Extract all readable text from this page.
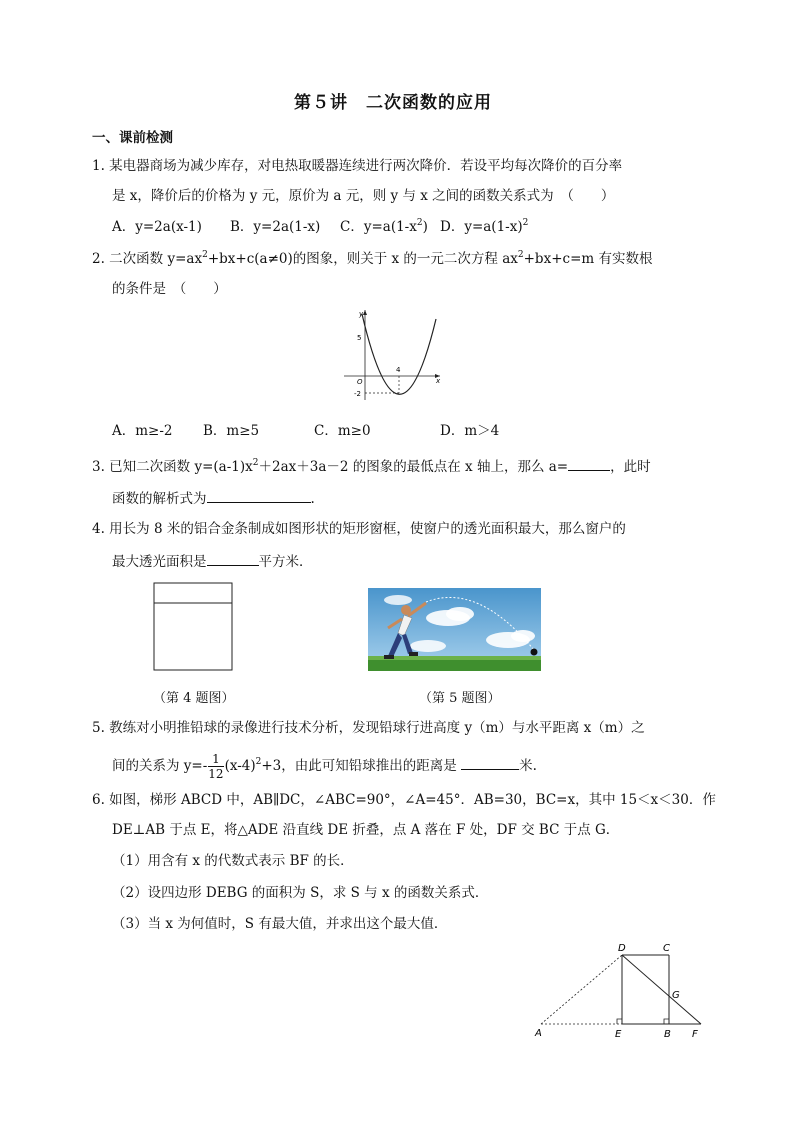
第５讲　二次函数的应用
一、课前检测
1. 某电器商场为减少库存，对电热取暖器连续进行两次降价．若设平均每次降价的百分率
是 x，降价后的价格为 y 元，原价为 a 元，则 y 与 x 之间的函数关系式为　（　　）
A．y=2a(x-1) B．y=2a(1-x) C．$y=a(1-x^2)$ D．$y=a(1-x)^2$
2. 二次函数 $y=ax^2+bx+c(a\ne 0)$的图象，则关于 x 的一元二次方程 $ax^2+bx+c=m$ 有实数根
的条件是　（　　）
y
x
O
5
-2
4
A．m≥-2 B．m≥5	C．m≥0	D．m＞4
3. 已知二次函数 $y=(a-1)x^2+2ax+3a-2$ 的图象的最低点在 x 轴上，那么 a=	，此时
函数的解析式为	.
4. 用长为 8 米的铝合金条制成如图形状的矩形窗框，使窗户的透光面积最大，那么窗户的
最大透光面积是	平方米．
（第 4 题图）	（第 5 题图）
5. 教练对小明推铅球的录像进行技术分析，发现铅球行进高度 y（m）与水平距离 x（m）之
间的关系为 $y=- \frac{1}{12} (x-4)^2+3$，由此可知铅球推出的距离是	米.
6. 如图，梯形 ABCD 中，AB∥DC，∠ABC=90°，∠A=45°．AB=30，BC=x，其中 15＜x＜30．作
DE⊥AB 于点 E，将△ADE 沿直线 DE 折叠，点 A 落在 F 处，DF 交 BC 于点 G．
（1）用含有 x 的代数式表示 BF 的长．
（2）设四边形 DEBG 的面积为 S，求 S 与 x 的函数关系式．
（3）当 x 为何值时，S 有最大值，并求出这个最大值．
D	C
G
A	E	B F
